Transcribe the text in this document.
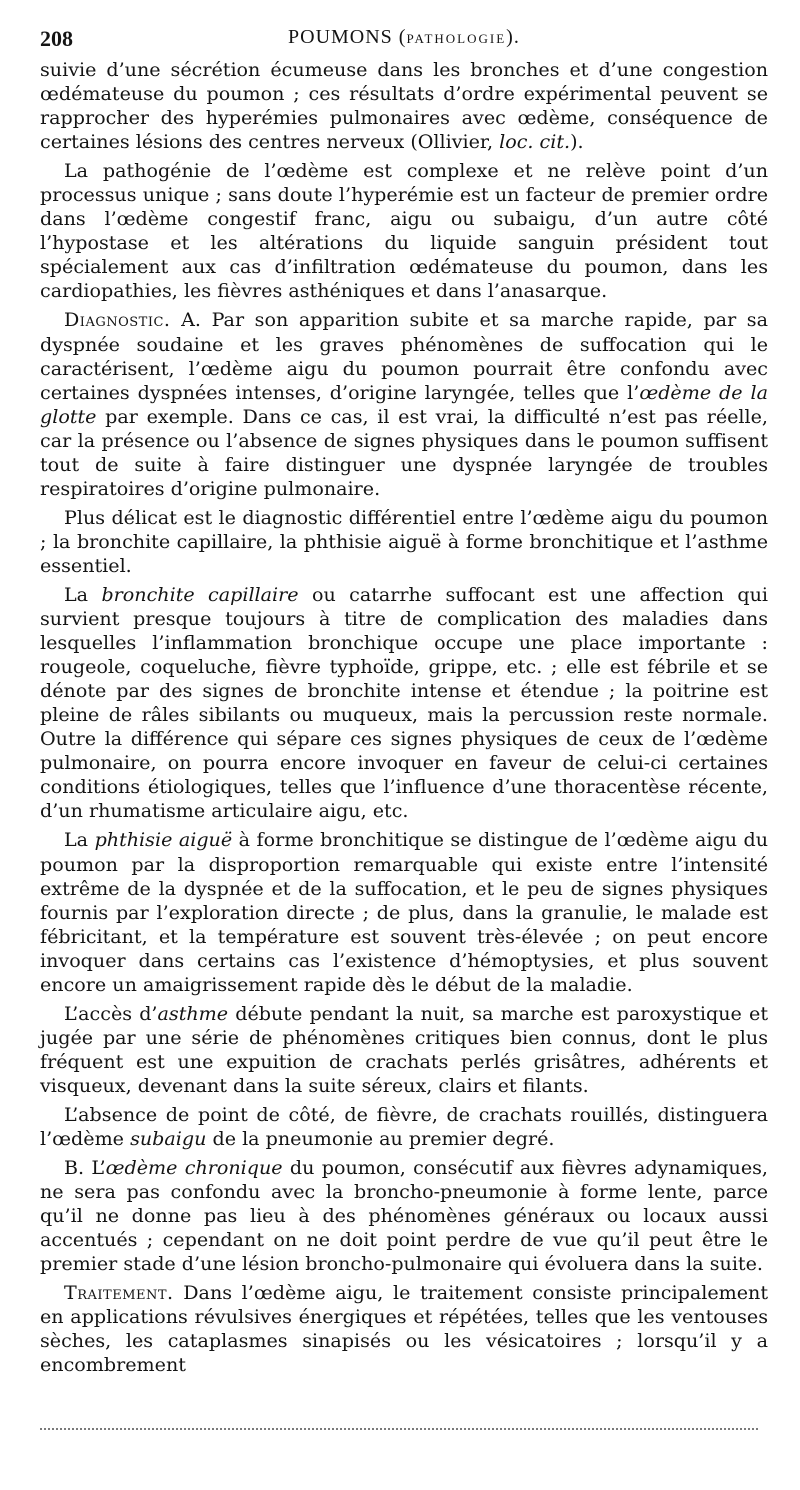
208	POUMONS (PATHOLOGIE).

suivie d’une sécrétion écumeuse dans les bronches et d’une congestion œdémateuse du poumon ; ces résultats d’ordre expérimental peuvent se rapprocher des hyperémies pulmonaires avec œdème, conséquence de certaines lésions des centres nerveux (Ollivier, loc. cit.).

La pathogénie de l’œdème est complexe et ne relève point d’un processus unique ; sans doute l’hyperémie est un facteur de premier ordre dans l’œdème congestif franc, aigu ou subaigu, d’un autre côté l’hypostase et les altérations du liquide sanguin président tout spécialement aux cas d’infiltration œdémateuse du poumon, dans les cardiopathies, les fièvres asthéniques et dans l’anasarque.

Diagnostic. A. Par son apparition subite et sa marche rapide, par sa dyspnée soudaine et les graves phénomènes de suffocation qui le caractérisent, l’œdème aigu du poumon pourrait être confondu avec certaines dyspnées intenses, d’origine laryngée, telles que l’œdème de la glotte par exemple. Dans ce cas, il est vrai, la difficulté n’est pas réelle, car la présence ou l’absence de signes physiques dans le poumon suffisent tout de suite à faire distinguer une dyspnée laryngée de troubles respiratoires d’origine pulmonaire.

Plus délicat est le diagnostic différentiel entre l’œdème aigu du poumon ; la bronchite capillaire, la phthisie aiguë à forme bronchitique et l’asthme essentiel.

La bronchite capillaire ou catarrhe suffocant est une affection qui survient presque toujours à titre de complication des maladies dans lesquelles l’inflammation bronchique occupe une place importante : rougeole, coqueluche, fièvre typhoïde, grippe, etc. ; elle est fébrile et se dénote par des signes de bronchite intense et étendue ; la poitrine est pleine de râles sibilants ou muqueux, mais la percussion reste normale. Outre la différence qui sépare ces signes physiques de ceux de l’œdème pulmonaire, on pourra encore invoquer en faveur de celui-ci certaines conditions étiologiques, telles que l’influence d’une thoracentèse récente, d’un rhumatisme articulaire aigu, etc.

La phthisie aiguë à forme bronchitique se distingue de l’œdème aigu du poumon par la disproportion remarquable qui existe entre l’intensité extrême de la dyspnée et de la suffocation, et le peu de signes physiques fournis par l’exploration directe ; de plus, dans la granulie, le malade est fébricitant, et la température est souvent très-élevée ; on peut encore invoquer dans certains cas l’existence d’hémoptysies, et plus souvent encore un amaigrissement rapide dès le début de la maladie.

L’accès d’asthme débute pendant la nuit, sa marche est paroxystique et jugée par une série de phénomènes critiques bien connus, dont le plus fréquent est une expuition de crachats perlés grisâtres, adhérents et visqueux, devenant dans la suite séreux, clairs et filants.

L’absence de point de côté, de fièvre, de crachats rouillés, distinguera l’œdème subaigu de la pneumonie au premier degré.

B. L’œdème chronique du poumon, consécutif aux fièvres adynamiques, ne sera pas confondu avec la broncho-pneumonie à forme lente, parce qu’il ne donne pas lieu à des phénomènes généraux ou locaux aussi accentués ; cependant on ne doit point perdre de vue qu’il peut être le premier stade d’une lésion broncho-pulmonaire qui évoluera dans la suite.

Traitement. Dans l’œdème aigu, le traitement consiste principalement en applications révulsives énergiques et répétées, telles que les ventouses sèches, les cataplasmes sinapisés ou les vésicatoires ; lorsqu’il y a encombrement
